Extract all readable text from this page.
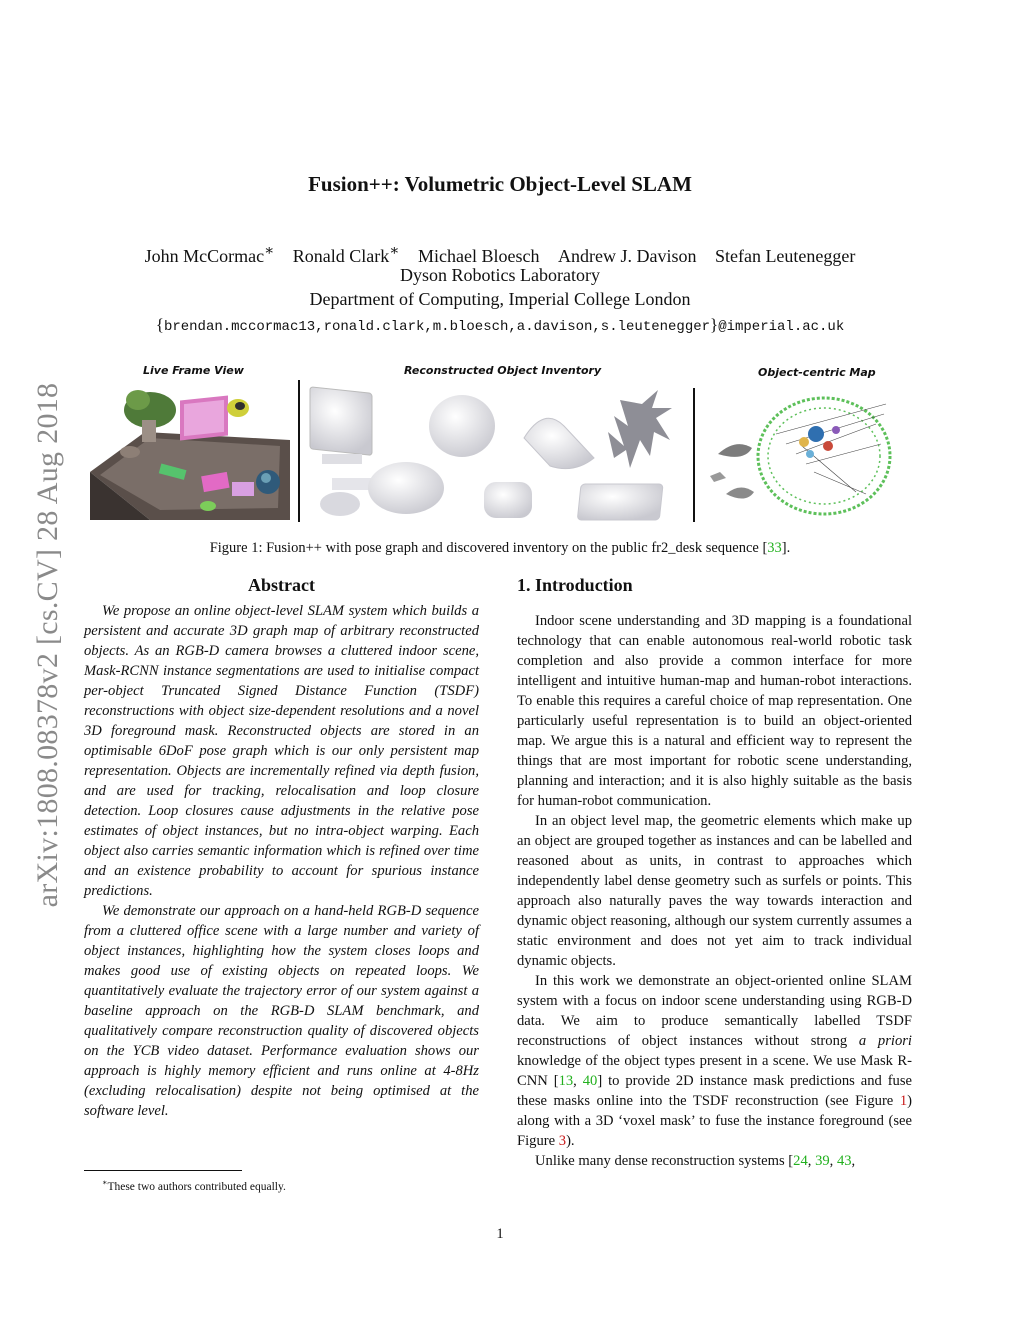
arXiv:1808.08378v2 [cs.CV] 28 Aug 2018
Fusion++: Volumetric Object-Level SLAM
John McCormac∗ Ronald Clark∗ Michael Bloesch Andrew J. Davison Stefan Leutenegger
Dyson Robotics Laboratory
Department of Computing, Imperial College London
{brendan.mccormac13,ronald.clark,m.bloesch,a.davison,s.leutenegger}@imperial.ac.uk
Live Frame View	Reconstructed Object Inventory	Object-centric Map
Figure 1: Fusion++ with pose graph and discovered inventory on the public fr2_desk sequence [33].
Abstract

We propose an online object-level SLAM system which builds a persistent and accurate 3D graph map of arbitrary reconstructed objects. As an RGB-D camera browses a cluttered indoor scene, Mask-RCNN instance segmentations are used to initialise compact per-object Truncated Signed Distance Function (TSDF) reconstructions with object size-dependent resolutions and a novel 3D foreground mask. Reconstructed objects are stored in an optimisable 6DoF pose graph which is our only persistent map representation. Objects are incrementally refined via depth fusion, and are used for tracking, relocalisation and loop closure detection. Loop closures cause adjustments in the relative pose estimates of object instances, but no intra-object warping. Each object also carries semantic information which is refined over time and an existence probability to account for spurious instance predictions.

We demonstrate our approach on a hand-held RGB-D sequence from a cluttered office scene with a large number and variety of object instances, highlighting how the system closes loops and makes good use of existing objects on repeated loops. We quantitatively evaluate the trajectory error of our system against a baseline approach on the RGB-D SLAM benchmark, and qualitatively compare reconstruction quality of discovered objects on the YCB video dataset. Performance evaluation shows our approach is highly memory efficient and runs online at 4-8Hz (excluding relocalisation) despite not being optimised at the software level.

∗These two authors contributed equally.
1. Introduction

Indoor scene understanding and 3D mapping is a foundational technology that can enable autonomous real-world robotic task completion and also provide a common interface for more intelligent and intuitive human-map and human-robot interactions. To enable this requires a careful choice of map representation. One particularly useful representation is to build an object-oriented map. We argue this is a natural and efficient way to represent the things that are most important for robotic scene understanding, planning and interaction; and it is also highly suitable as the basis for human-robot communication.

In an object level map, the geometric elements which make up an object are grouped together as instances and can be labelled and reasoned about as units, in contrast to approaches which independently label dense geometry such as surfels or points. This approach also naturally paves the way towards interaction and dynamic object reasoning, although our system currently assumes a static environment and does not yet aim to track individual dynamic objects.

In this work we demonstrate an object-oriented online SLAM system with a focus on indoor scene understanding using RGB-D data. We aim to produce semantically labelled TSDF reconstructions of object instances without strong a priori knowledge of the object types present in a scene. We use Mask R-CNN [13, 40] to provide 2D instance mask predictions and fuse these masks online into the TSDF reconstruction (see Figure 1) along with a 3D ‘voxel mask’ to fuse the instance foreground (see Figure 3).

Unlike many dense reconstruction systems [24, 39, 43,

1
